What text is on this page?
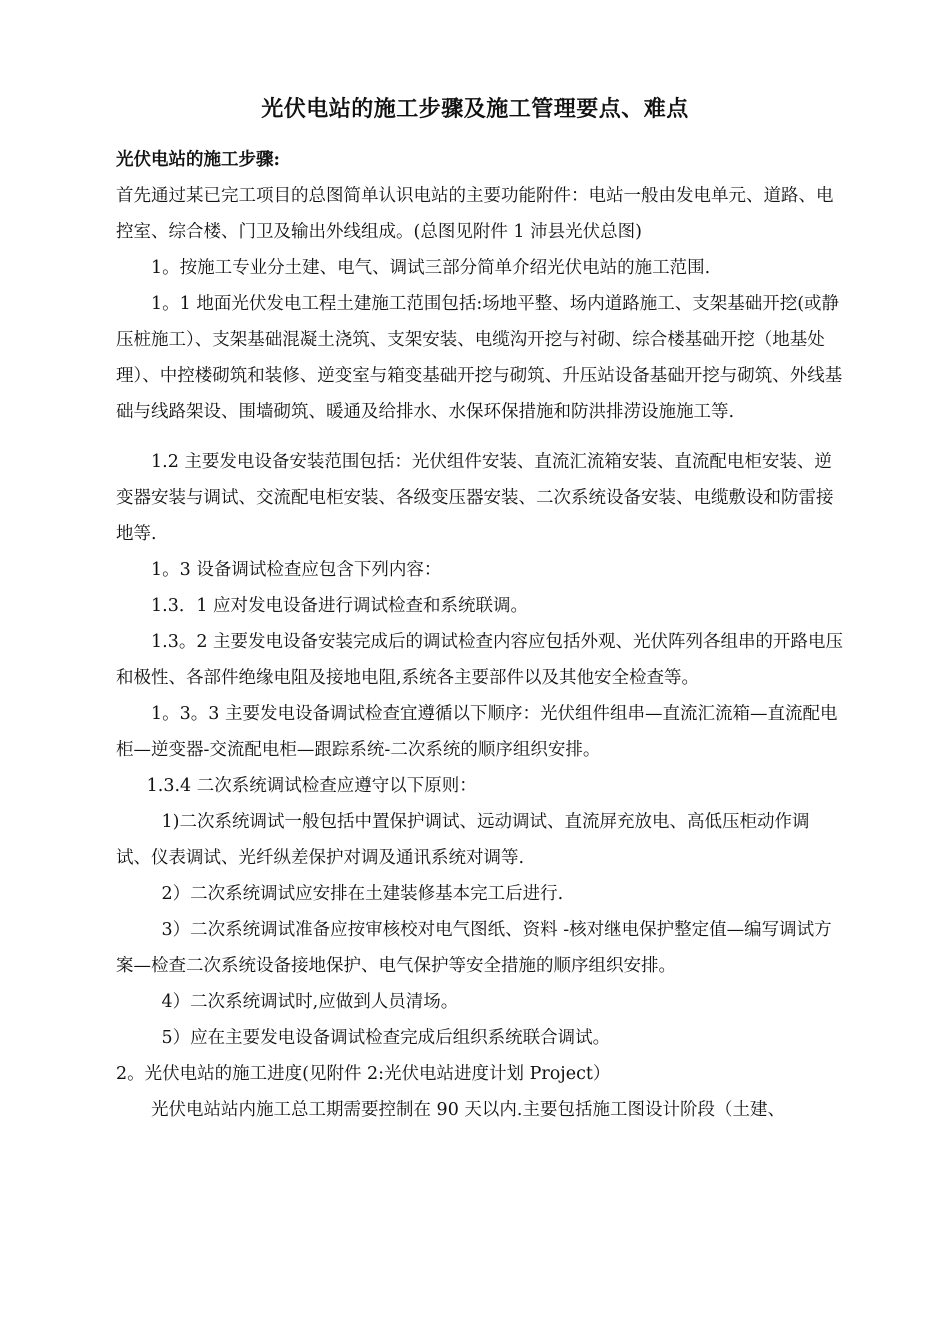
光伏电站的施工步骤及施工管理要点、难点

光伏电站的施工步骤:

首先通过某已完工项目的总图简单认识电站的主要功能附件：电站一般由发电单元、道路、电控室、综合楼、门卫及输出外线组成。(总图见附件 1 沛县光伏总图)

1。按施工专业分土建、电气、调试三部分简单介绍光伏电站的施工范围.

1。1 地面光伏发电工程土建施工范围包括:场地平整、场内道路施工、支架基础开挖(或静压桩施工）、支架基础混凝土浇筑、支架安装、电缆沟开挖与衬砌、综合楼基础开挖（地基处理）、中控楼砌筑和装修、逆变室与箱变基础开挖与砌筑、升压站设备基础开挖与砌筑、外线基础与线路架设、围墙砌筑、暖通及给排水、水保环保措施和防洪排涝设施施工等.

1.2 主要发电设备安装范围包括：光伏组件安装、直流汇流箱安装、直流配电柜安装、逆变器安装与调试、交流配电柜安装、各级变压器安装、二次系统设备安装、电缆敷设和防雷接地等.

1。3 设备调试检查应包含下列内容：

1.3．1 应对发电设备进行调试检查和系统联调。

1.3。2 主要发电设备安装完成后的调试检查内容应包括外观、光伏阵列各组串的开路电压和极性、各部件绝缘电阻及接地电阻,系统各主要部件以及其他安全检查等。

1。3。3 主要发电设备调试检查宜遵循以下顺序：光伏组件组串—直流汇流箱—直流配电柜—逆变器-交流配电柜—跟踪系统-二次系统的顺序组织安排。

1.3.4 二次系统调试检查应遵守以下原则：

1)二次系统调试一般包括中置保护调试、远动调试、直流屏充放电、高低压柜动作调试、仪表调试、光纤纵差保护对调及通讯系统对调等.

2）二次系统调试应安排在土建装修基本完工后进行.

3）二次系统调试准备应按审核校对电气图纸、资料 -核对继电保护整定值—编写调试方案—检查二次系统设备接地保护、电气保护等安全措施的顺序组织安排。

4）二次系统调试时,应做到人员清场。

5）应在主要发电设备调试检查完成后组织系统联合调试。

2。光伏电站的施工进度(见附件 2:光伏电站进度计划 Project）

光伏电站站内施工总工期需要控制在 90 天以内.主要包括施工图设计阶段（土建、
